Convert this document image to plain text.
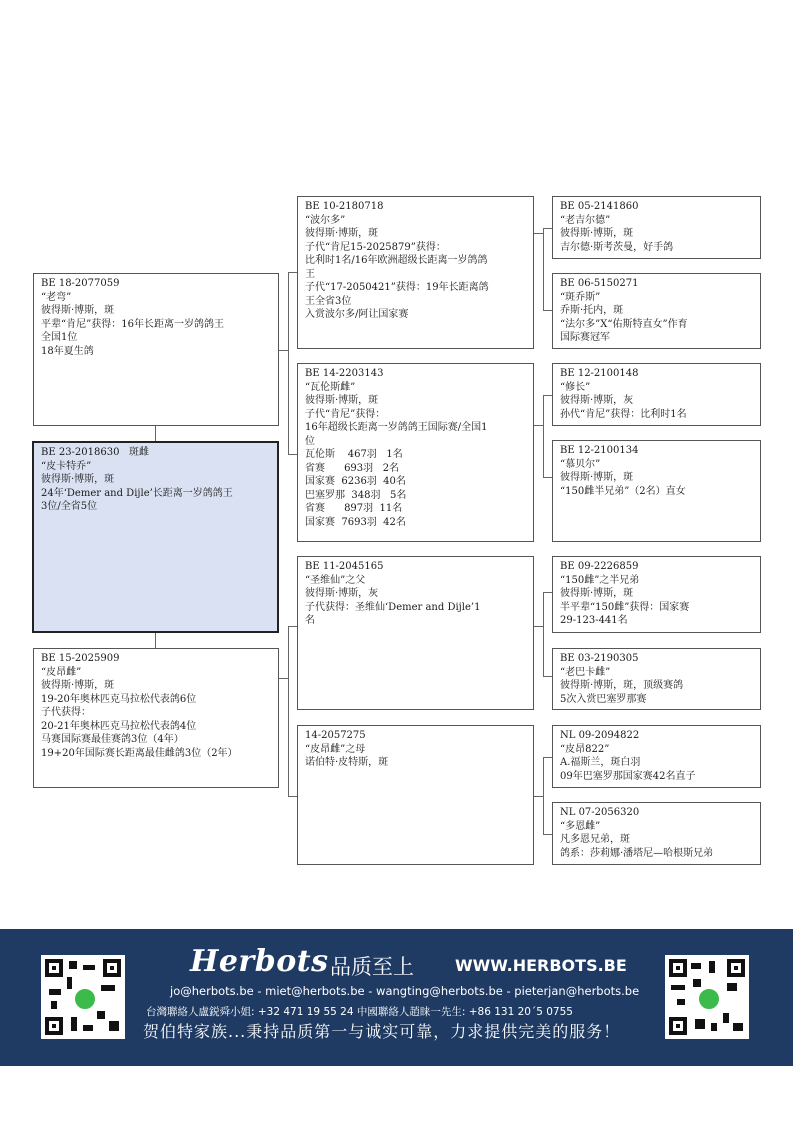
BE 18-2077059
“老弯”
彼得斯·博斯，斑
平辈“肯尼”获得：16年长距离一岁鸽鸽王
全国1位
18年夏生鸽
BE 23-2018630   斑雌
“皮卡特乔”
彼得斯·博斯，斑
24年‘Demer and Dijle’长距离一岁鸽鸽王
3位/全省5位
BE 15-2025909
“皮昂雌”
彼得斯·博斯，斑
19-20年奥林匹克马拉松代表鸽6位
子代获得：
20-21年奥林匹克马拉松代表鸽4位
马赛国际赛最佳赛鸽3位（4年）
19+20年国际赛长距离最佳雌鸽3位（2年）
BE 10-2180718
“波尔多”
彼得斯·博斯，斑
子代“肯尼15-2025879”获得：
比利时1名/16年欧洲超级长距离一岁鸽鸽
王
子代“17-2050421”获得：19年长距离鸽
王全省3位
入赏波尔多/阿让国家赛
BE 14-2203143
“瓦伦斯雌”
彼得斯·博斯，斑
子代“肯尼”获得：
16年超级长距离一岁鸽鸽王国际赛/全国1
位
瓦伦斯    467羽   1名
省赛      693羽   2名
国家赛  6236羽  40名
巴塞罗那  348羽   5名
省赛      897羽  11名
国家赛  7693羽  42名
BE 11-2045165
“圣维仙”之父
彼得斯·博斯，灰
子代获得：圣维仙‘Demer and Dijle’1
名
14-2057275
“皮昂雌”之母
诺伯特·皮特斯，斑
BE 05-2141860
“老吉尔德”
彼得斯·博斯，斑
吉尔德·斯考茨曼，好手鸽
BE 06-5150271
“斑乔斯”
乔斯·托内，斑
“法尔多”X“佑斯特直女”作育
国际赛冠军
BE 12-2100148
“修长”
彼得斯·博斯，灰
孙代“肯尼”获得：比利时1名
BE 12-2100134
“慕贝尔”
彼得斯·博斯，斑
“150雌半兄弟”（2名）直女
BE 09-2226859
“150雌”之半兄弟
彼得斯·博斯，斑
半平辈“150雌”获得：国家赛
29-123-441名
BE 03-2190305
“老巴卡雌”
彼得斯·博斯，斑，顶级赛鸽
5次入赏巴塞罗那赛
NL 09-2094822
“皮昂822”
A.福斯兰，斑白羽
09年巴塞罗那国家赛42名直子
NL 07-2056320
“多恩雌”
凡多恩兄弟，斑
鸽系：莎莉娜·潘塔尼—哈根斯兄弟
Herbots 品质至上	WWW.HERBOTS.BE
jo@herbots.be - miet@herbots.be - wangting@herbots.be - pieterjan@herbots.be
台灣聯絡人盧鋭舜小姐: +32 471 19 55 24 中國聯絡人趙睐一先生: +86 131 20´5 0755
贺伯特家族...秉持品质第一与诚实可靠，力求提供完美的服务！
